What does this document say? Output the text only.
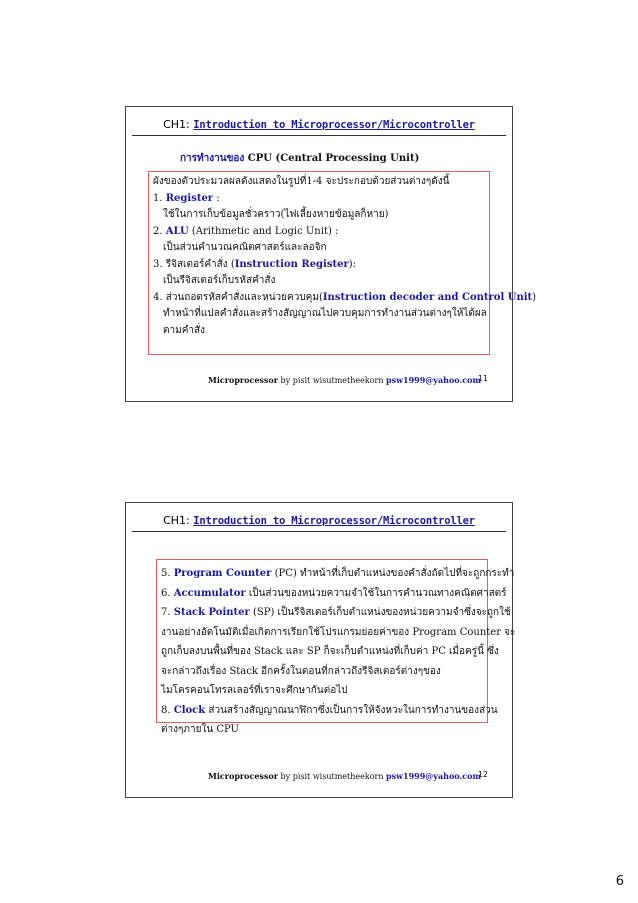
CH1: Introduction to Microprocessor/Microcontroller
การทำงานของ CPU (Central Processing Unit)
ผังของตัวประมวลผลดังแสดงในรูปที่1-4 จะประกอบด้วยส่วนต่างๆดังนี้
1. Register :
ใช้ในการเก็บข้อมูลชั่วคราว(ไฟเลี้ยงหายข้อมูลก็หาย)
2. ALU (Arithmetic and Logic Unit) :
เป็นส่วนคำนวณคณิตศาสตร์และลอจิก
3. รีจิสเตอร์คำสั่ง (Instruction Register):
เป็นรีจิสเตอร์เก็บรหัสคำสั่ง
4. ส่วนถอดรหัสคำสั่งและหน่วยควบคุม(Instruction decoder and Control Unit)
ทำหน้าที่แปลคำสั่งและสร้างสัญญาณไปควบคุมการทำงานส่วนต่างๆให้ได้ผล
ตามคำสั่ง
Microprocessor by pisit wisutmetheekorn psw1999@yahoo.com
11
CH1: Introduction to Microprocessor/Microcontroller
5. Program Counter (PC) ทำหน้าที่เก็บตำแหน่งของคำสั่งถัดไปที่จะถูกกระทำ
6. Accumulator เป็นส่วนของหน่วยความจำใช้ในการคำนวณทางคณิตศาสตร์
7. Stack Pointer (SP) เป็นรีจิสเตอร์เก็บตำแหน่งของหน่วยความจำซึ่งจะถูกใช้
งานอย่างอัตโนมัติเมื่อเกิดการเรียกใช้โปรแกรมย่อยค่าของ Program Counter จะ
ถูกเก็บลงบนพื้นที่ของ Stack และ SP ก็จะเก็บตำแหน่งที่เก็บค่า PC เมื่อครู่นี้ ซึ่ง
จะกล่าวถึงเรื่อง Stack อีกครั้งในตอนที่กล่าวถึงรีจิสเตอร์ต่างๆของ
ไมโครคอนโทรลเลอร์ที่เราจะศึกษากันต่อไป
8. Clock ส่วนสร้างสัญญาณนาฬิกาซึ่งเป็นการให้จังหวะในการทำงานของส่วน
ต่างๆภายใน CPU
Microprocessor by pisit wisutmetheekorn psw1999@yahoo.com
12
6
